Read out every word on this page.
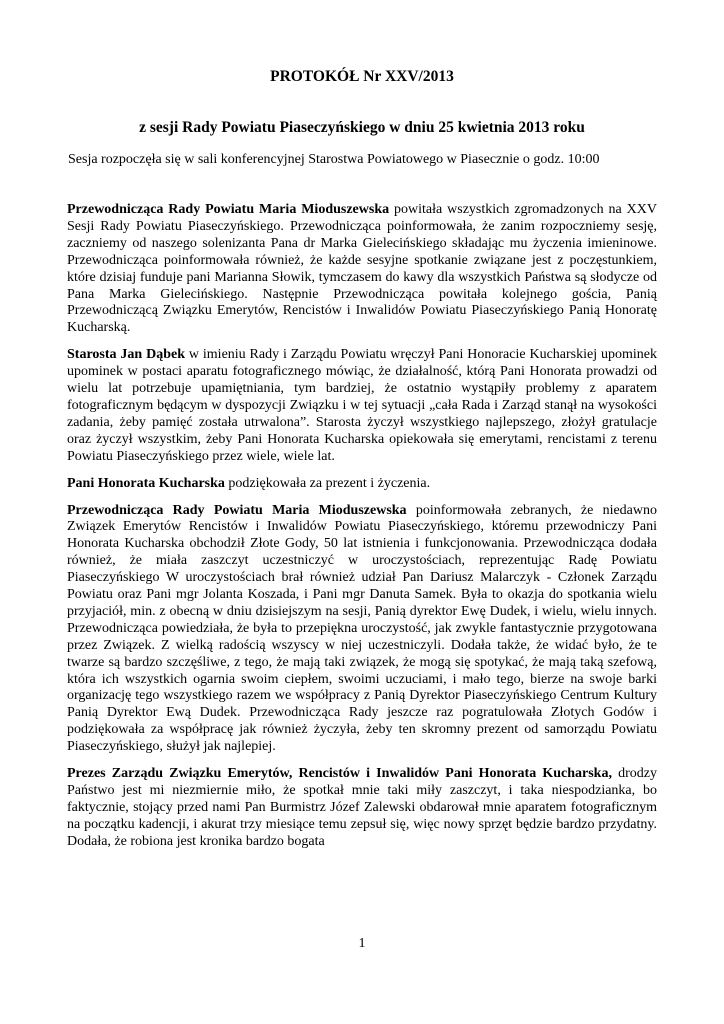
PROTOKÓŁ Nr XXV/2013
z sesji Rady Powiatu Piaseczyńskiego w dniu 25 kwietnia 2013 roku
Sesja rozpoczęła się w sali konferencyjnej Starostwa Powiatowego w Piasecznie o godz. 10:00

Przewodnicząca Rady Powiatu Maria Mioduszewska powitała wszystkich zgromadzonych na XXV Sesji Rady Powiatu Piaseczyńskiego. Przewodnicząca poinformowała, że zanim rozpoczniemy sesję, zaczniemy od naszego solenizanta Pana dr Marka Gielecińskiego składając mu życzenia imieninowe. Przewodnicząca poinformowała również, że każde sesyjne spotkanie związane jest z poczęstunkiem, które dzisiaj funduje pani Marianna Słowik, tymczasem do kawy dla wszystkich Państwa są słodycze od Pana Marka Gielecińskiego. Następnie Przewodnicząca powitała kolejnego gościa, Panią Przewodniczącą Związku Emerytów, Rencistów i Inwalidów Powiatu Piaseczyńskiego Panią Honoratę Kucharską.

Starosta Jan Dąbek w imieniu Rady i Zarządu Powiatu wręczył Pani Honoracie Kucharskiej upominek upominek w postaci aparatu fotograficznego mówiąc, że działalność, którą Pani Honorata prowadzi od wielu lat potrzebuje upamiętniania, tym bardziej, że ostatnio wystąpiły problemy z aparatem fotograficznym będącym w dyspozycji Związku i w tej sytuacji „cała Rada i Zarząd stanął na wysokości zadania, żeby pamięć została utrwalona”. Starosta życzył wszystkiego najlepszego, złożył gratulacje oraz życzył wszystkim, żeby Pani Honorata Kucharska opiekowała się emerytami, rencistami z terenu Powiatu Piaseczyńskiego przez wiele, wiele lat.

Pani Honorata Kucharska podziękowała za prezent i życzenia.

Przewodnicząca Rady Powiatu Maria Mioduszewska poinformowała zebranych, że niedawno Związek Emerytów Rencistów i Inwalidów Powiatu Piaseczyńskiego, któremu przewodniczy Pani Honorata Kucharska obchodził Złote Gody, 50 lat istnienia i funkcjonowania. Przewodnicząca dodała również, że miała zaszczyt uczestniczyć w uroczystościach, reprezentując Radę Powiatu Piaseczyńskiego W uroczystościach brał również udział Pan Dariusz Malarczyk - Członek Zarządu Powiatu oraz Pani mgr Jolanta Koszada, i Pani mgr Danuta Samek. Była to okazja do spotkania wielu przyjaciół, min. z obecną w dniu dzisiejszym na sesji, Panią dyrektor Ewę Dudek, i wielu, wielu innych. Przewodnicząca powiedziała, że była to przepiękna uroczystość, jak zwykle fantastycznie przygotowana przez Związek. Z wielką radością wszyscy w niej uczestniczyli. Dodała także, że widać było, że te twarze są bardzo szczęśliwe, z tego, że mają taki związek, że mogą się spotykać, że mają taką szefową, która ich wszystkich ogarnia swoim ciepłem, swoimi uczuciami, i mało tego, bierze na swoje barki organizację tego wszystkiego razem we współpracy z Panią Dyrektor Piaseczyńskiego Centrum Kultury Panią Dyrektor Ewą Dudek. Przewodnicząca Rady jeszcze raz pogratulowała Złotych Godów i podziękowała za współpracę jak również życzyła, żeby ten skromny prezent od samorządu Powiatu Piaseczyńskiego, służył jak najlepiej.

Prezes Zarządu Związku Emerytów, Rencistów i Inwalidów Pani Honorata Kucharska, drodzy Państwo jest mi niezmiernie miło, że spotkał mnie taki miły zaszczyt, i taka niespodzianka, bo faktycznie, stojący przed nami Pan Burmistrz Józef Zalewski obdarował mnie aparatem fotograficznym na początku kadencji, i akurat trzy miesiące temu zepsuł się, więc nowy sprzęt będzie bardzo przydatny. Dodała, że robiona jest kronika bardzo bogata

1
